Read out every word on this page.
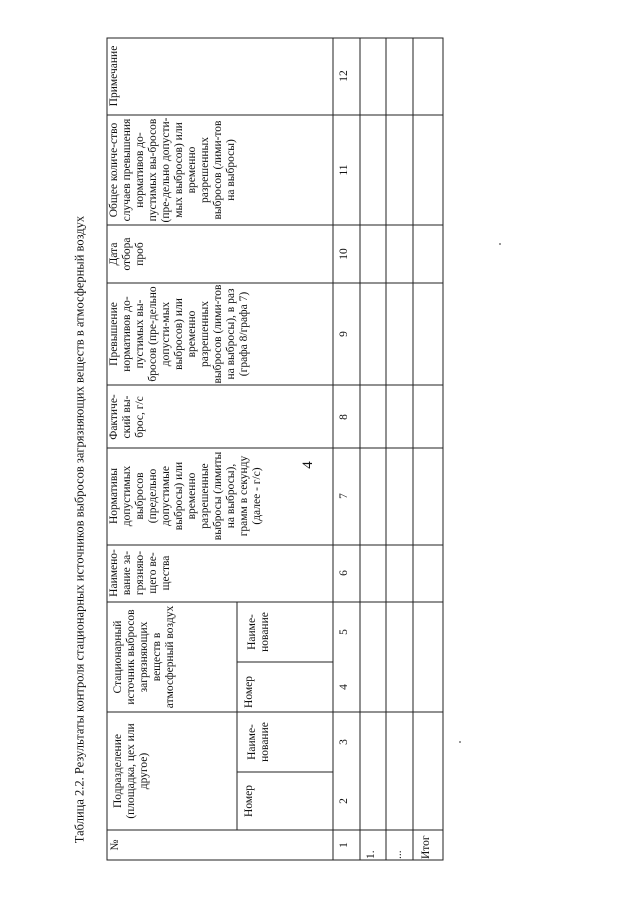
4
Таблица 2.2. Результаты контроля стационарных источников выбросов загрязняющих веществ в атмосферный воздух
№
Подразделение (площадка, цех или другое)
Номер
Наиме-нование
Стационарный источник выбросов загрязняющих веществ в атмосферный воздух	Номер
Наиме-нование
Наимено-вание за-грязняю-щего ве-щества
Нормативы допустимых выбросов (предельно допустимые выбросы) или временно разрешенные выбросы (лимиты на выбросы), грамм в секунду (далее - г/с)
Фактиче-ский вы-брос, г/с
Превышение нормативов до-пустимых вы-бросов (пре-дельно допусти-мых выбросов) или временно разрешенных выбросов (лими-тов на выбросы), в раз (графа 8/графа 7)
Дата отбора проб
Общее количе-ство случаев превышения нормативов до-пустимых вы-бросов (пре-дельно допусти-мых выбросов) или временно разрешенных выбросов (лими-тов на выбросы)
Примечание
1
2
3
4
5
6
7
8
9
10
11
12
1. ... Итог
